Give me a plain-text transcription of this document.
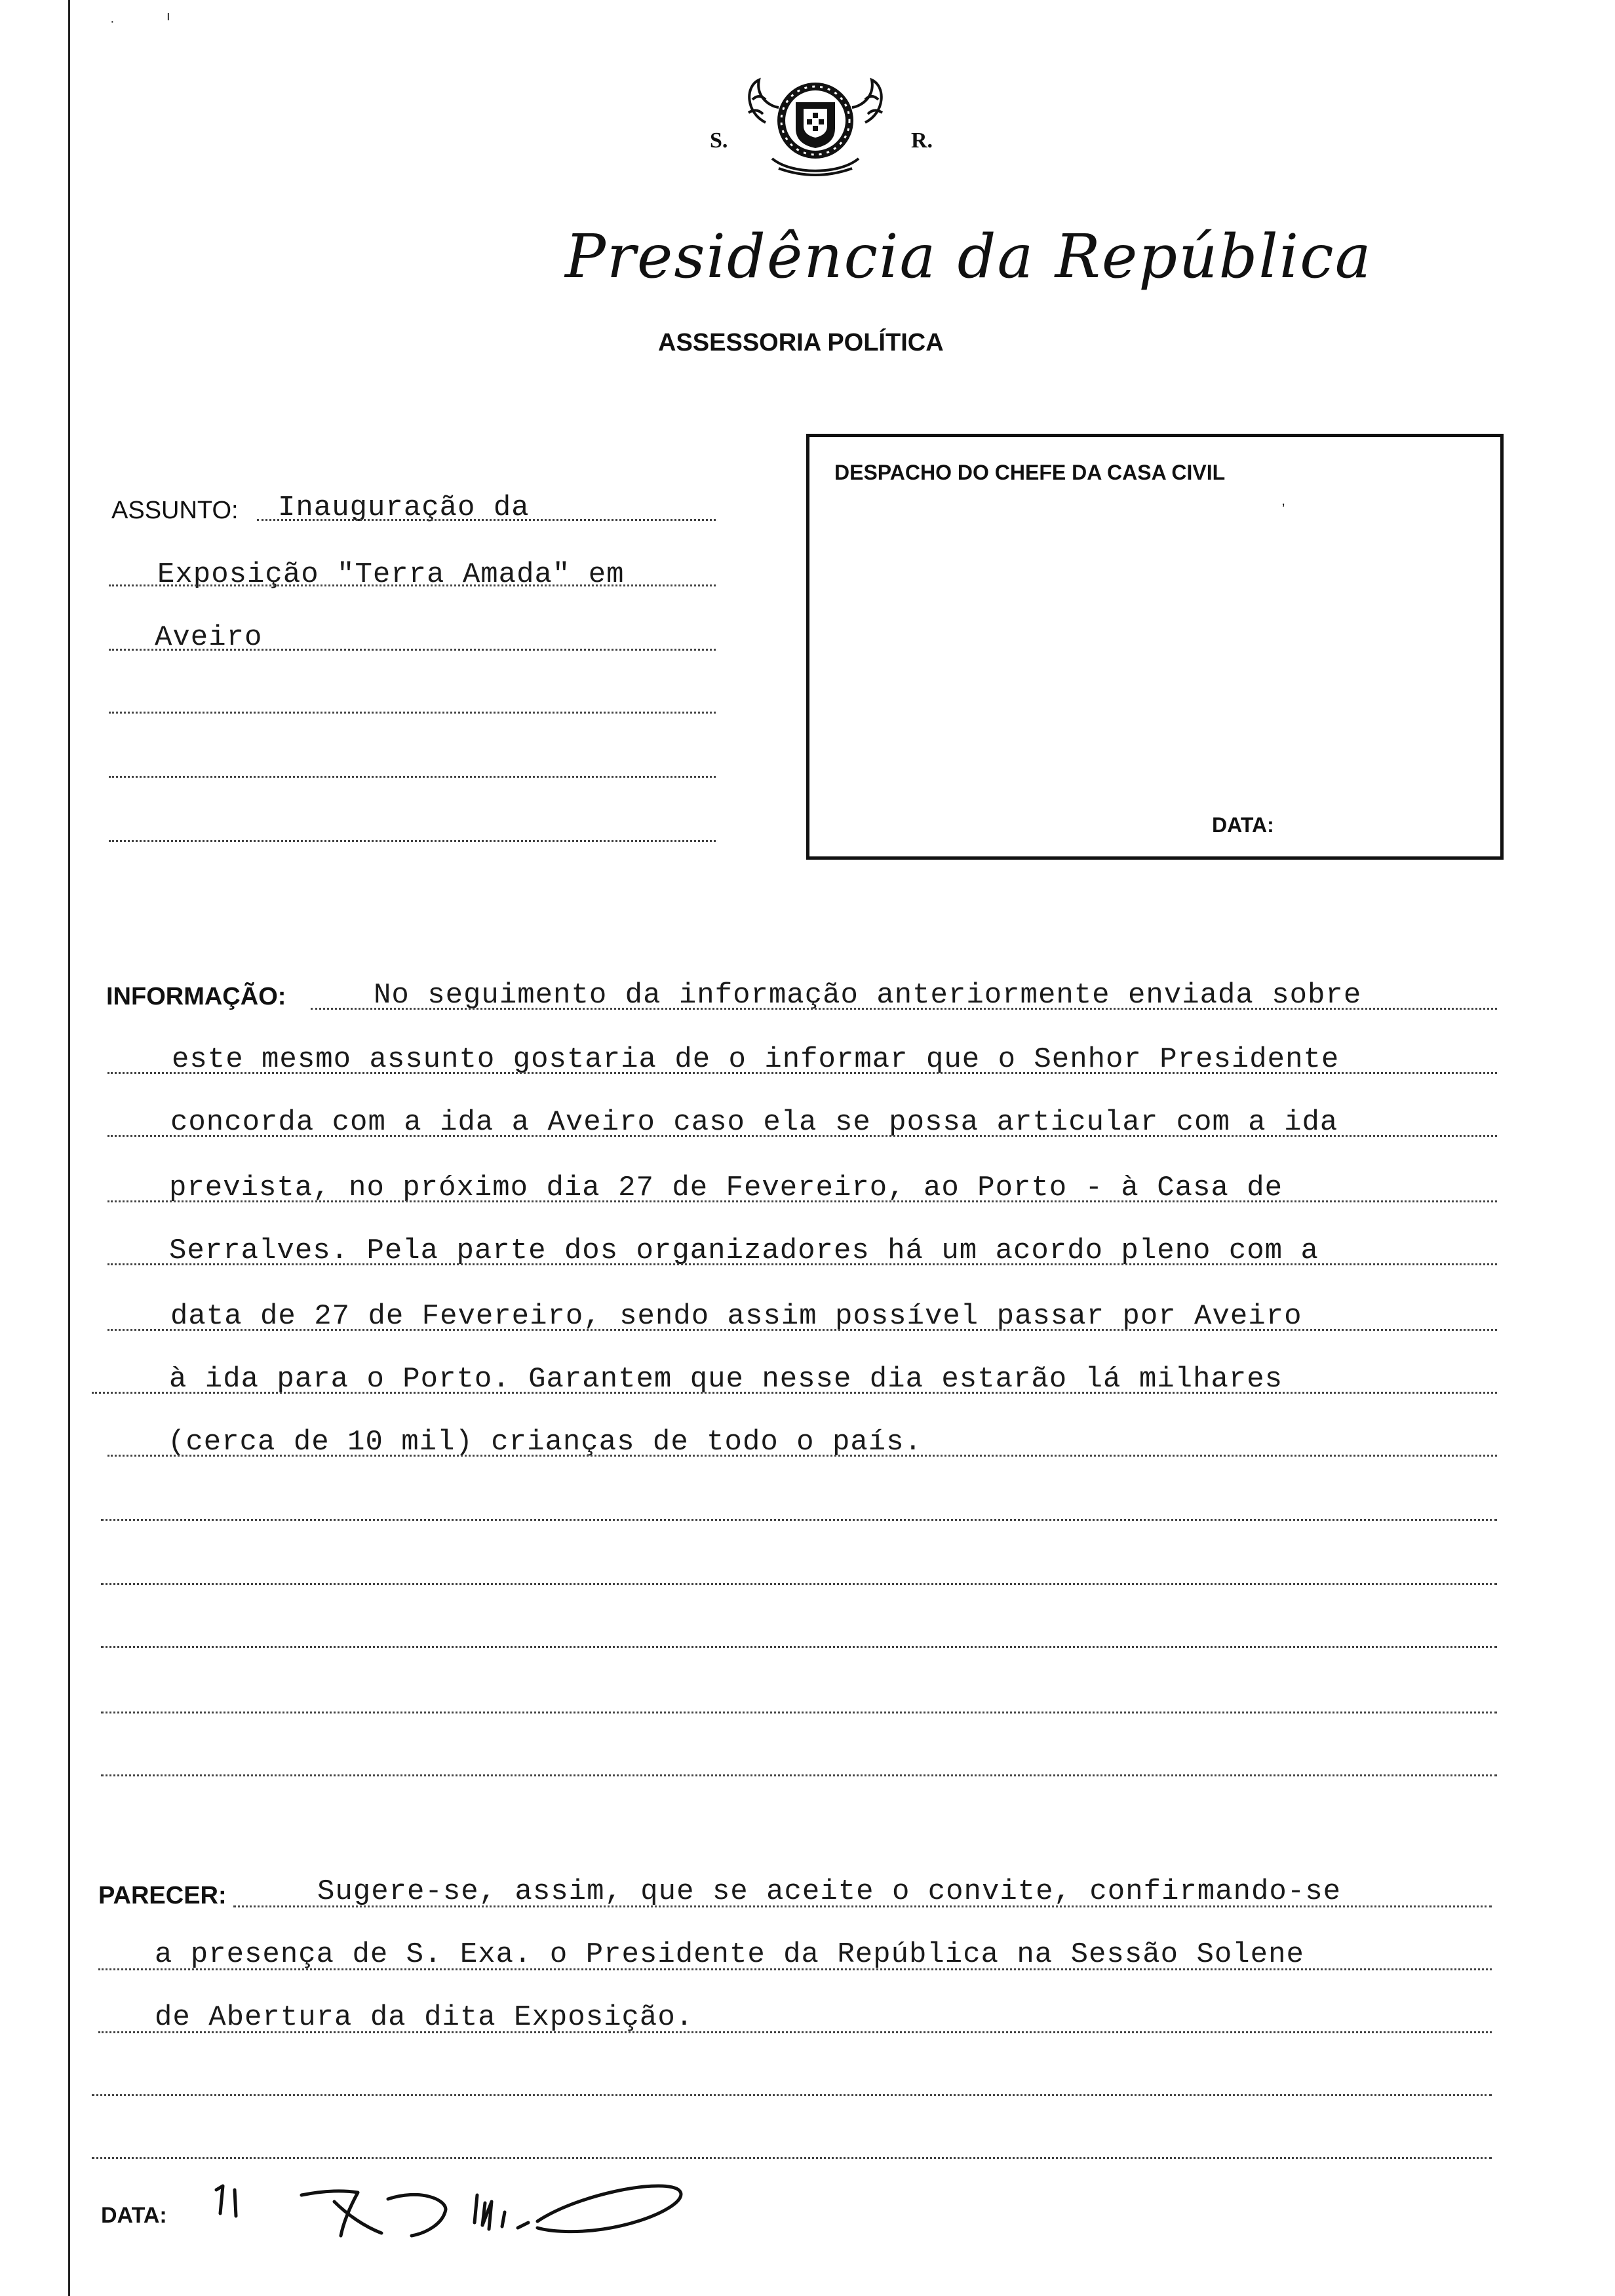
·	ı
S.	R.
Presidência da República
ASSESSORIA POLÍTICA
ASSUNTO: Inauguração da
Exposição "Terra Amada" em
Aveiro
DESPACHO DO CHEFE DA CASA CIVIL
,
DATA:
INFORMAÇÃO:	No seguimento da informação anteriormente enviada sobre
este mesmo assunto gostaria de o informar que o Senhor Presidente
concorda com a ida a Aveiro caso ela se possa articular com a ida
prevista, no próximo dia 27 de Fevereiro, ao Porto - à Casa de
Serralves. Pela parte dos organizadores há um acordo pleno com a
data de 27 de Fevereiro, sendo assim possível passar por Aveiro
à ida para o Porto. Garantem que nesse dia estarão lá milhares
(cerca de 10 mil) crianças de todo o país.
PARECER:	Sugere-se, assim, que se aceite o convite, confirmando-se
a presença de S. Exa. o Presidente da República na Sessão Solene
de Abertura da dita Exposição.
DATA:
